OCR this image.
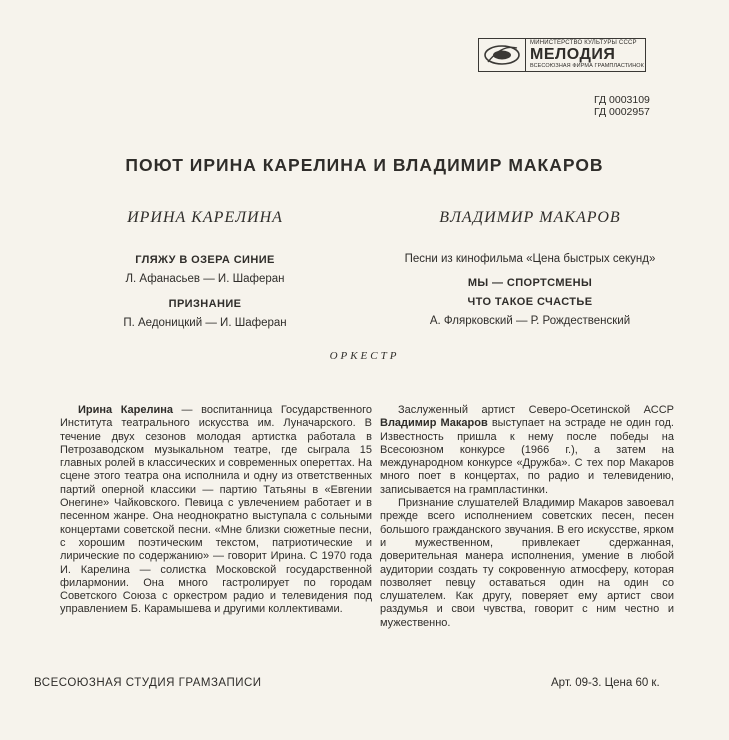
МИНИСТЕРСТВО КУЛЬТУРЫ СССР
МЕЛОДИЯ
ВСЕСОЮЗНАЯ ФИРМА ГРАМПЛАСТИНОК
ГД 0003109
ГД 0002957
ПОЮТ ИРИНА КАРЕЛИНА И ВЛАДИМИР МАКАРОВ
ИРИНА КАРЕЛИНА
ГЛЯЖУ В ОЗЕРА СИНИЕ
Л. Афанасьев — И. Шаферан
ПРИЗНАНИЕ
П. Аедоницкий — И. Шаферан
ВЛАДИМИР МАКАРОВ
Песни из кинофильма «Цена быстрых секунд»
МЫ — СПОРТСМЕНЫ
ЧТО ТАКОЕ СЧАСТЬЕ
А. Флярковский — Р. Рождественский
ОРКЕСТР

Ирина Карелина — воспитанница Государственного Института театрального искусства им. Луначарского. В течение двух сезонов молодая артистка работала в Петрозаводском музыкальном театре, где сыграла 15 главных ролей в классических и современных опереттах. На сцене этого театра она исполнила и одну из ответственных партий оперной классики — партию Татьяны в «Евгении Онегине» Чайковского. Певица с увлечением работает и в песенном жанре. Она неоднократно выступала с сольными концертами советской песни. «Мне близки сюжетные песни, с хорошим поэтическим текстом, патриотические и лирические по содержанию» — говорит Ирина. С 1970 года И. Карелина — солистка Московской государственной филармонии. Она много гастролирует по городам Советского Союза с оркестром радио и телевидения под управлением Б. Карамышева и другими коллективами.

Заслуженный артист Северо-Осетинской АССР Владимир Макаров выступает на эстраде не один год. Известность пришла к нему после победы на Всесоюзном конкурсе (1966 г.), а затем на международном конкурсе «Дружба». С тех пор Макаров много поет в концертах, по радио и телевидению, записывается на грампластинки.

Признание слушателей Владимир Макаров завоевал прежде всего исполнением советских песен, песен большого гражданского звучания. В его искусстве, ярком и мужественном, привлекает сдержанная, доверительная манера исполнения, умение в любой аудитории создать ту сокровенную атмосферу, которая позволяет певцу оставаться один на один со слушателем. Как другу, поверяет ему артист свои раздумья и свои чувства, говорит с ним честно и мужественно.

ВСЕСОЮЗНАЯ СТУДИЯ ГРАМЗАПИСИ	Арт. 09-3. Цена 60 к.
